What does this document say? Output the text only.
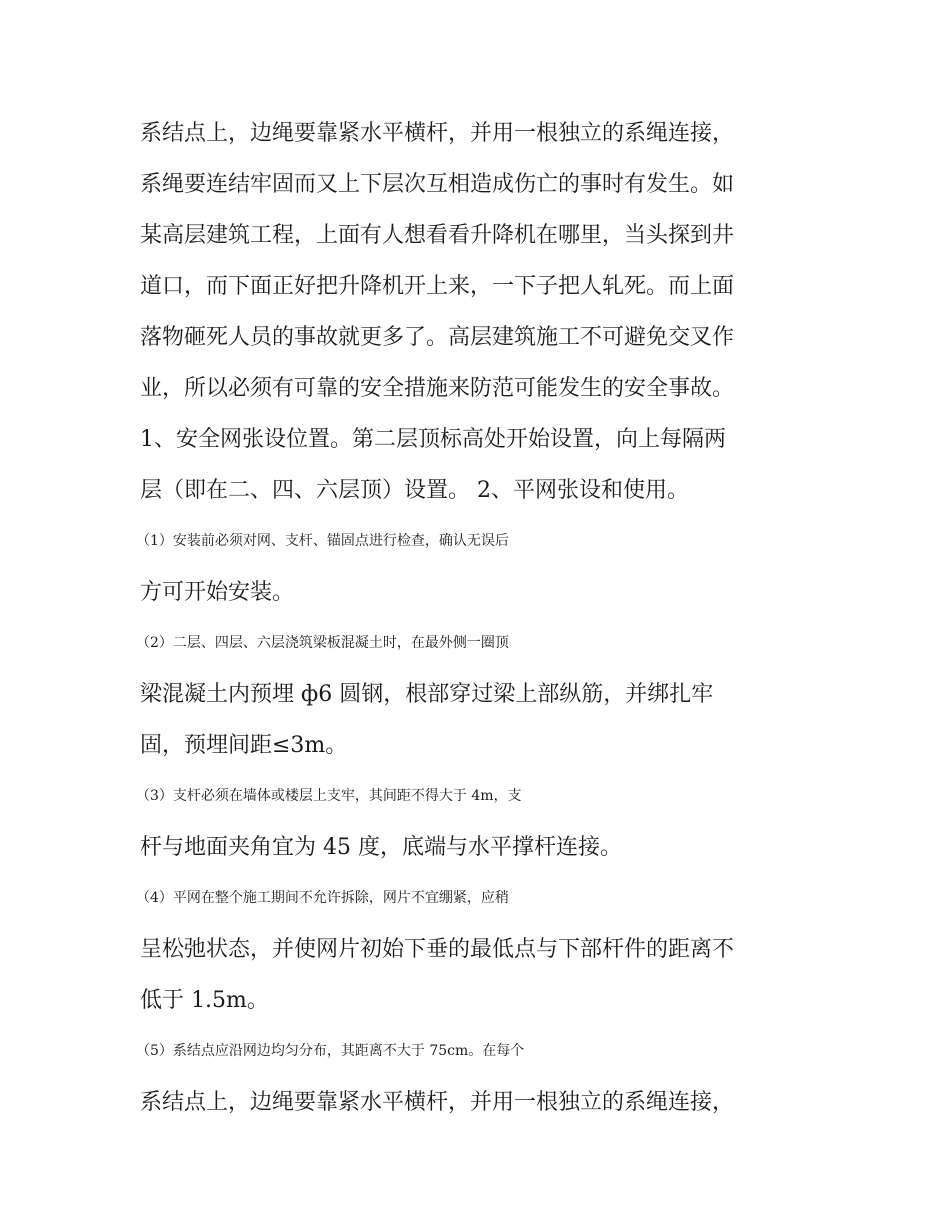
系结点上，边绳要靠紧水平横杆，并用一根独立的系绳连接，
系绳要连结牢固而又上下层次互相造成伤亡的事时有发生。如
某高层建筑工程，上面有人想看看升降机在哪里，当头探到井
道口，而下面正好把升降机开上来，一下子把人轧死。而上面
落物砸死人员的事故就更多了。高层建筑施工不可避免交叉作
业，所以必须有可靠的安全措施来防范可能发生的安全事故。
1、安全网张设位置。第二层顶标高处开始设置，向上每隔两
层（即在二、四、六层顶）设置。 2、平网张设和使用。
（1）安装前必须对网、支杆、锚固点进行检查，确认无误后
方可开始安装。
（2）二层、四层、六层浇筑梁板混凝土时，在最外侧一圈顶
梁混凝土内预埋 ф6 圆钢，根部穿过梁上部纵筋，并绑扎牢
固，预埋间距≤3m。
（3）支杆必须在墙体或楼层上支牢，其间距不得大于 4m，支
杆与地面夹角宜为 45 度，底端与水平撑杆连接。
（4）平网在整个施工期间不允许拆除，网片不宜绷紧，应稍
呈松弛状态，并使网片初始下垂的最低点与下部杆件的距离不
低于 1.5m。
（5）系结点应沿网边均匀分布，其距离不大于 75cm。在每个
系结点上，边绳要靠紧水平横杆，并用一根独立的系绳连接，
